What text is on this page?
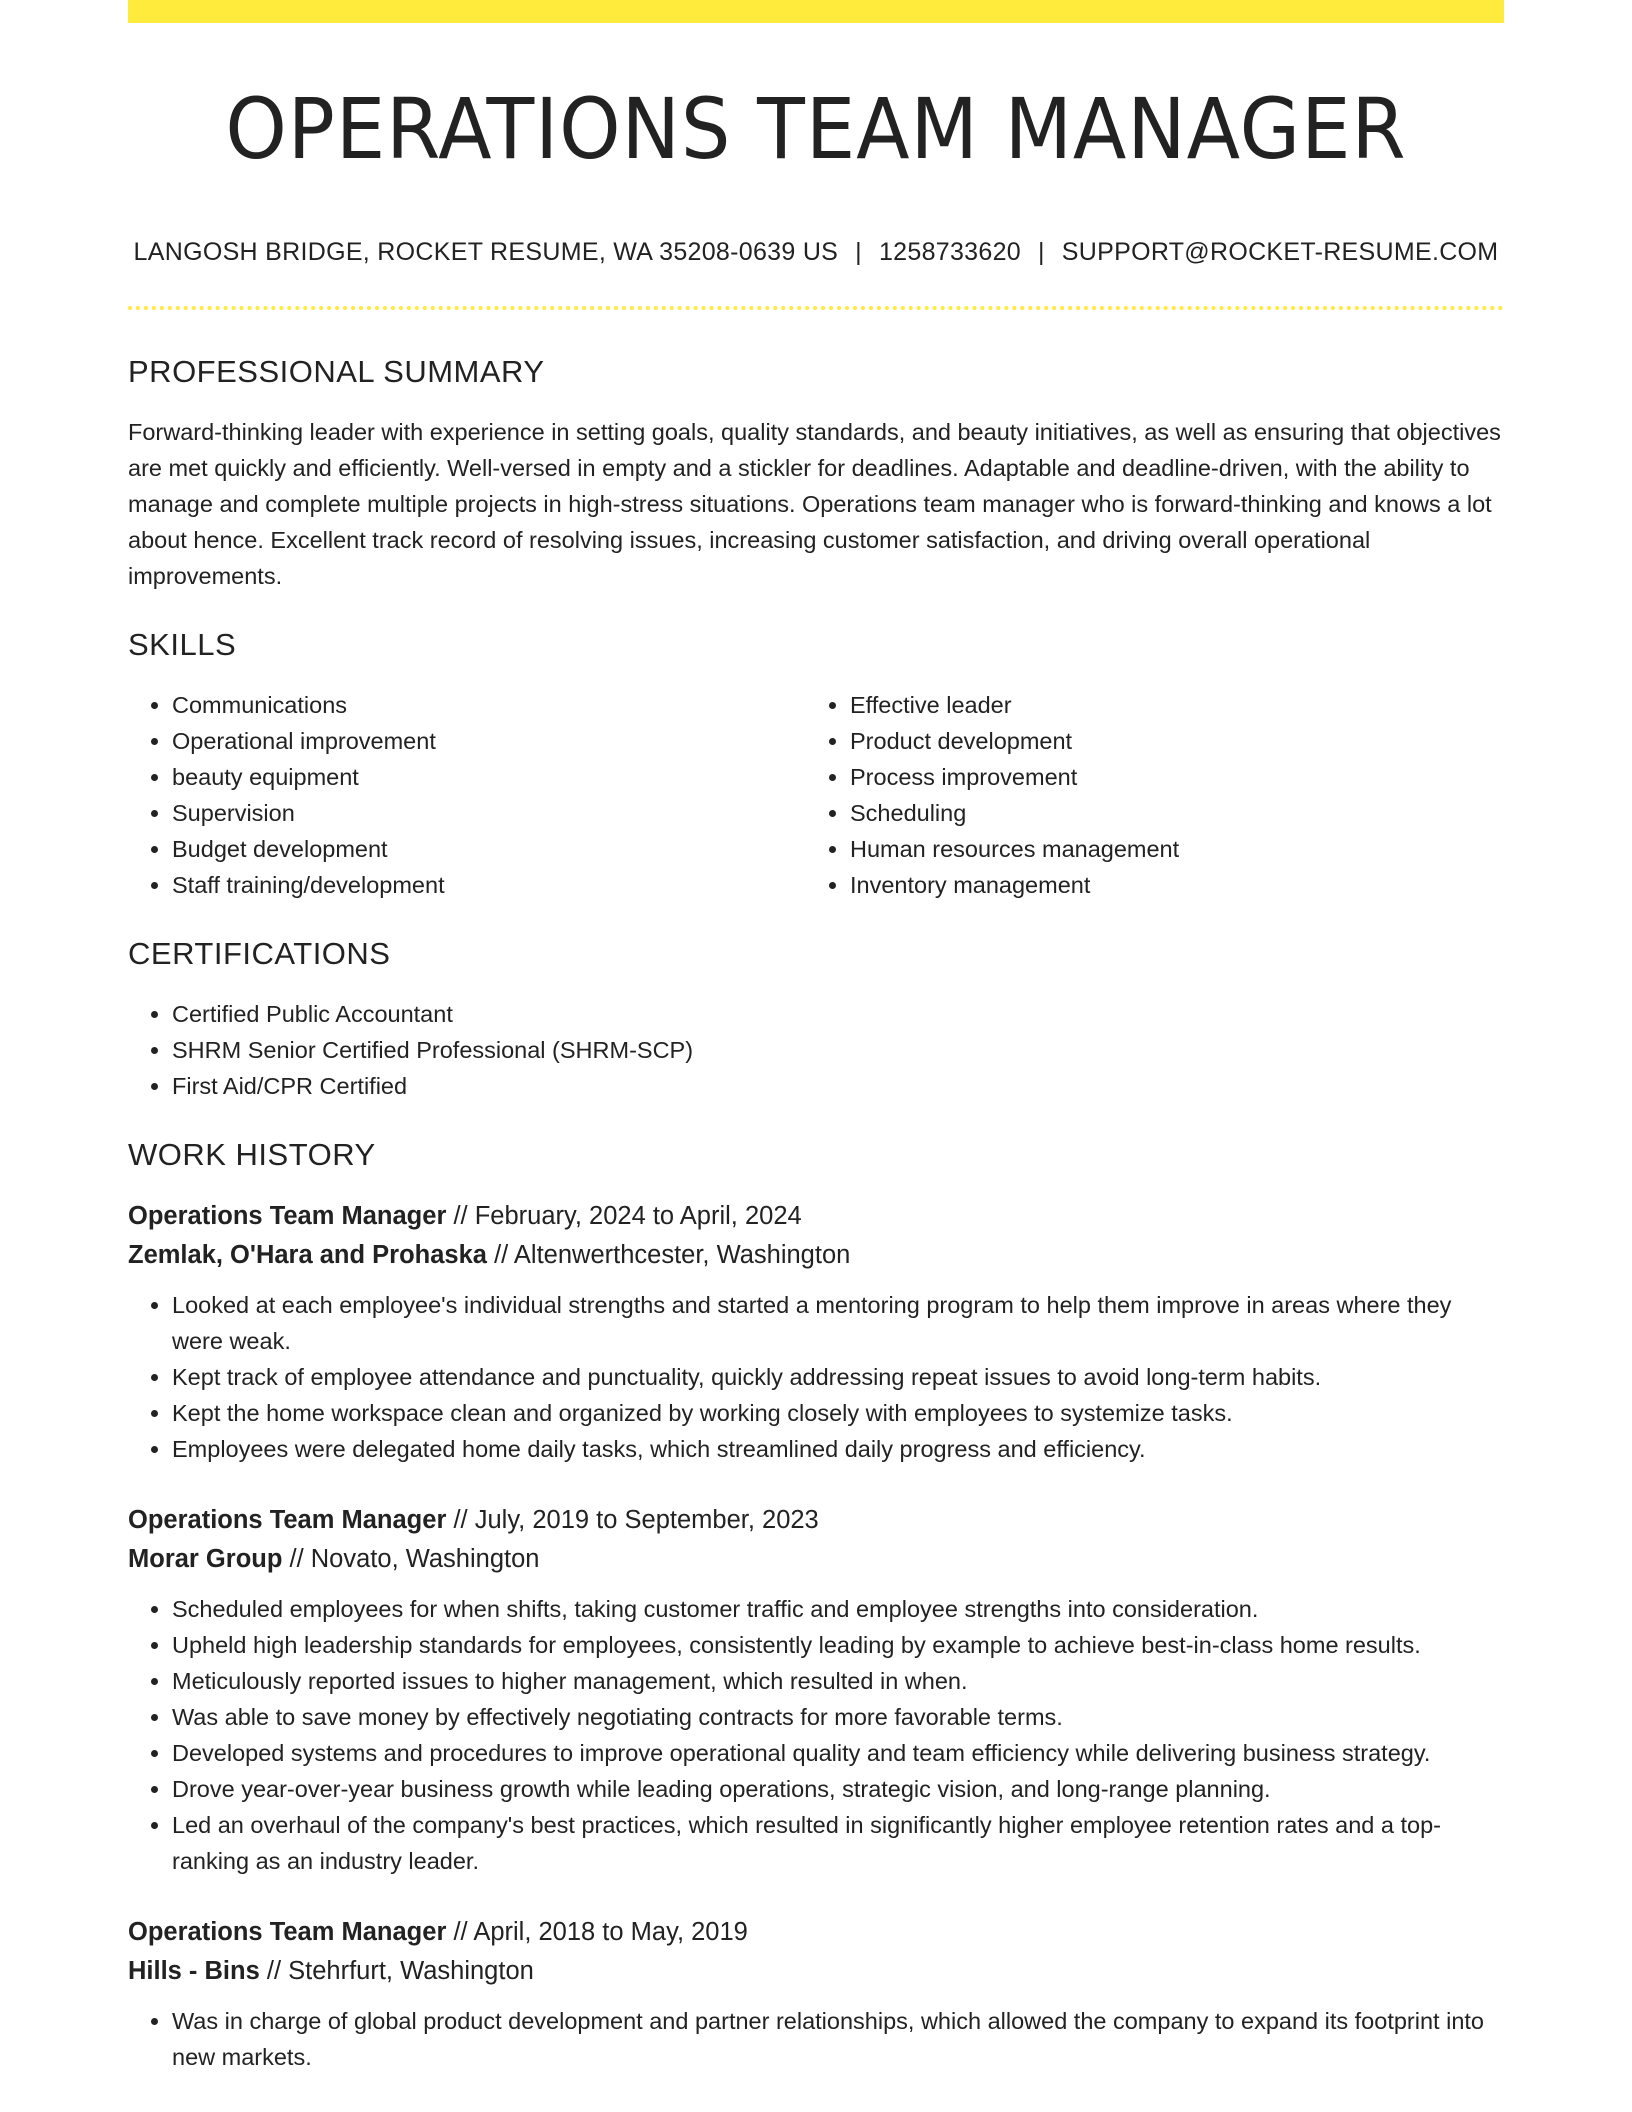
OPERATIONS TEAM MANAGER
LANGOSH BRIDGE, ROCKET RESUME, WA 35208-0639 US | 1258733620 | SUPPORT@ROCKET-RESUME.COM
PROFESSIONAL SUMMARY

Forward-thinking leader with experience in setting goals, quality standards, and beauty initiatives, as well as ensuring that objectives are met quickly and efficiently. Well-versed in empty and a stickler for deadlines. Adaptable and deadline-driven, with the ability to manage and complete multiple projects in high-stress situations. Operations team manager who is forward-thinking and knows a lot about hence. Excellent track record of resolving issues, increasing customer satisfaction, and driving overall operational improvements.

SKILLS
• Communications
• Operational improvement
• beauty equipment
• Supervision
• Budget development
• Staff training/development
• Effective leader
• Product development
• Process improvement
• Scheduling
• Human resources management
• Inventory management
CERTIFICATIONS
• Certified Public Accountant
• SHRM Senior Certified Professional (SHRM-SCP)
• First Aid/CPR Certified
WORK HISTORY
Operations Team Manager // February, 2024 to April, 2024
Zemlak, O'Hara and Prohaska // Altenwerthcester, Washington
• Looked at each employee's individual strengths and started a mentoring program to help them improve in areas where they were weak.
• Kept track of employee attendance and punctuality, quickly addressing repeat issues to avoid long-term habits.
• Kept the home workspace clean and organized by working closely with employees to systemize tasks.
• Employees were delegated home daily tasks, which streamlined daily progress and efficiency.
Operations Team Manager // July, 2019 to September, 2023
Morar Group // Novato, Washington
• Scheduled employees for when shifts, taking customer traffic and employee strengths into consideration.
• Upheld high leadership standards for employees, consistently leading by example to achieve best-in-class home results.
• Meticulously reported issues to higher management, which resulted in when.
• Was able to save money by effectively negotiating contracts for more favorable terms.
• Developed systems and procedures to improve operational quality and team efficiency while delivering business strategy.
• Drove year-over-year business growth while leading operations, strategic vision, and long-range planning.
• Led an overhaul of the company's best practices, which resulted in significantly higher employee retention rates and a top-ranking as an industry leader.
Operations Team Manager // April, 2018 to May, 2019
Hills - Bins // Stehrfurt, Washington
• Was in charge of global product development and partner relationships, which allowed the company to expand its footprint into new markets.
